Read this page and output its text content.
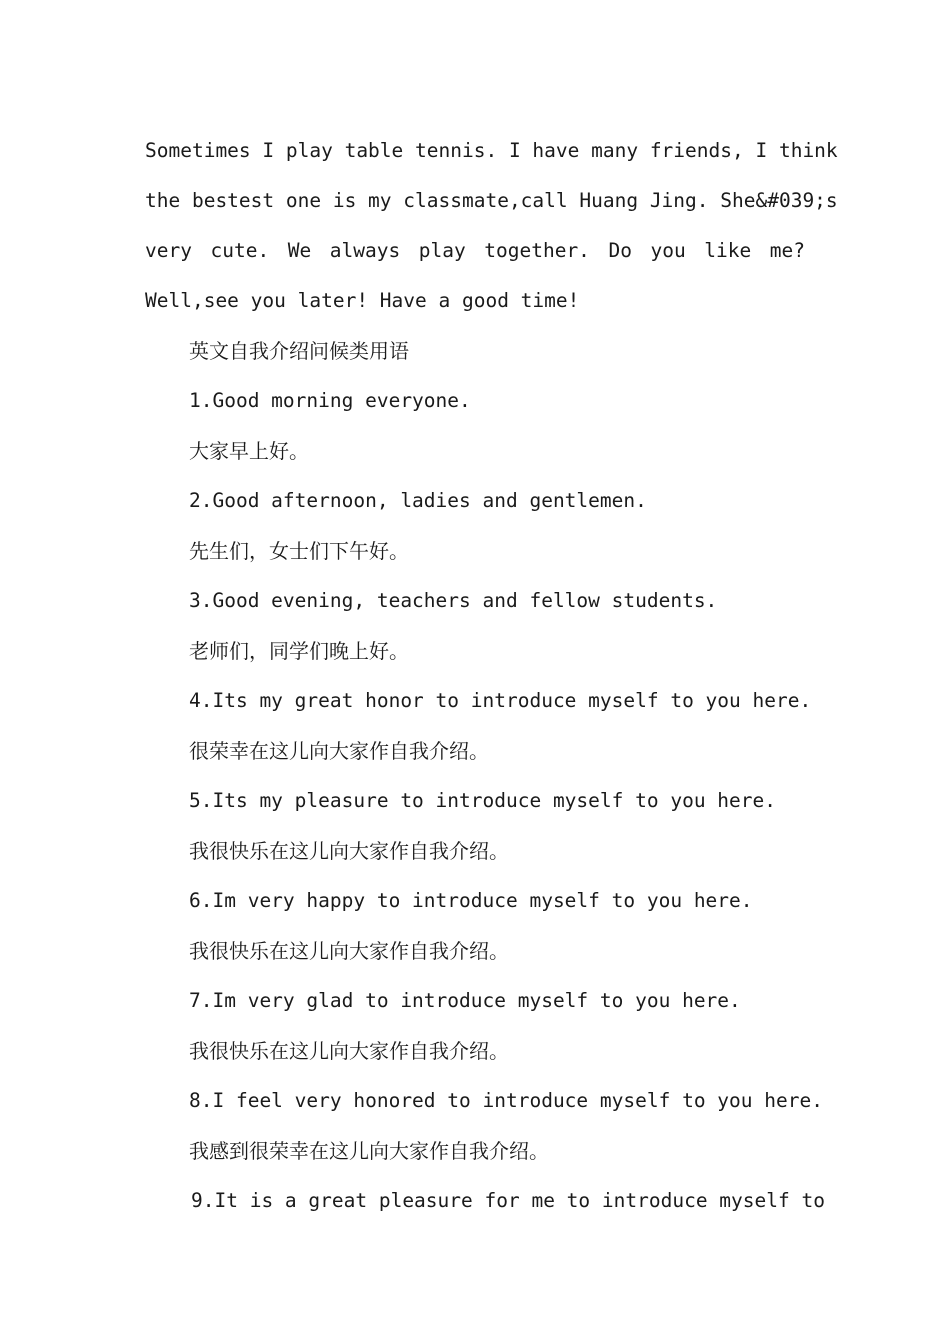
Sometimes I play table tennis. I have many friends, I think
the bestest one is my classmate,call Huang Jing. She&#039;s
very cute. We always play together. Do you like me?
Well,see you later! Have a good time!
英文自我介绍问候类用语
1.Good morning everyone.
大家早上好。
2.Good afternoon, ladies and gentlemen.
先生们，女士们下午好。
3.Good evening, teachers and fellow students.
老师们，同学们晚上好。
4.Its my great honor to introduce myself to you here.
很荣幸在这儿向大家作自我介绍。
5.Its my pleasure to introduce myself to you here.
我很快乐在这儿向大家作自我介绍。
6.Im very happy to introduce myself to you here.
我很快乐在这儿向大家作自我介绍。
7.Im very glad to introduce myself to you here.
我很快乐在这儿向大家作自我介绍。
8.I feel very honored to introduce myself to you here.
我感到很荣幸在这儿向大家作自我介绍。
9.It is a great pleasure for me to introduce myself to
